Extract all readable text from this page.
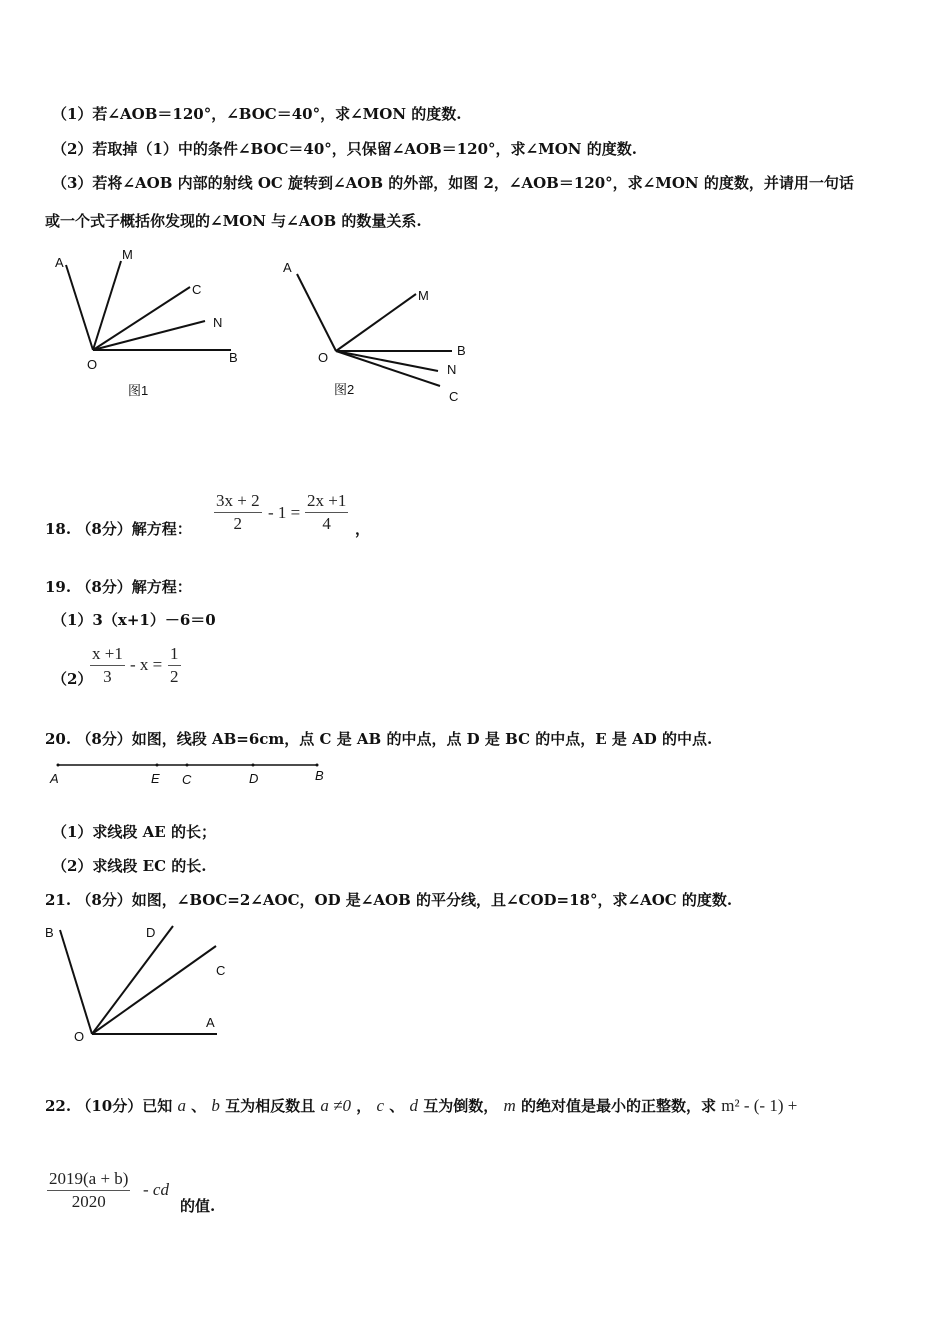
（1）若∠AOB＝120°，∠BOC＝40°，求∠MON 的度数.
（2）若取掉（1）中的条件∠BOC＝40°，只保留∠AOB＝120°，求∠MON 的度数.
（3）若将∠AOB 内部的射线 OC 旋转到∠AOB 的外部，如图 2，∠AOB＝120°，求∠MON 的度数，并请用一句话
或一个式子概括你发现的∠MON 与∠AOB 的数量关系.
A
M
C
N
O	B
图1
A
M
O	B
N
C
图2
18. （8分）解方程： $\frac{3x + 2}{2} - 1 = \frac{2x +1}{4}$ ，
19. （8分）解方程：
（1）3（x+1）－6＝0
（2）
$\frac{x +1}{3} - x = \frac{1}{2}$
20. （8分）如图，线段 AB=6cm，点 C 是 AB 的中点，点 D 是 BC 的中点，E 是 AD 的中点.
A	E C	D	B
（1）求线段 AE 的长；
（2）求线段 EC 的长.
21. （8分）如图，∠BOC=2∠AOC，OD 是∠AOB 的平分线，且∠COD=18°，求∠AOC 的度数.
B	D
C
O
A
22. （10分）已知 a 、 b 互为相反数且 a ≠0 ， c 、 d 互为倒数， m 的绝对值是最小的正整数，求 m² - (- 1) +
$\frac{2019(a + b)}{2020}$ - cd
的值.
